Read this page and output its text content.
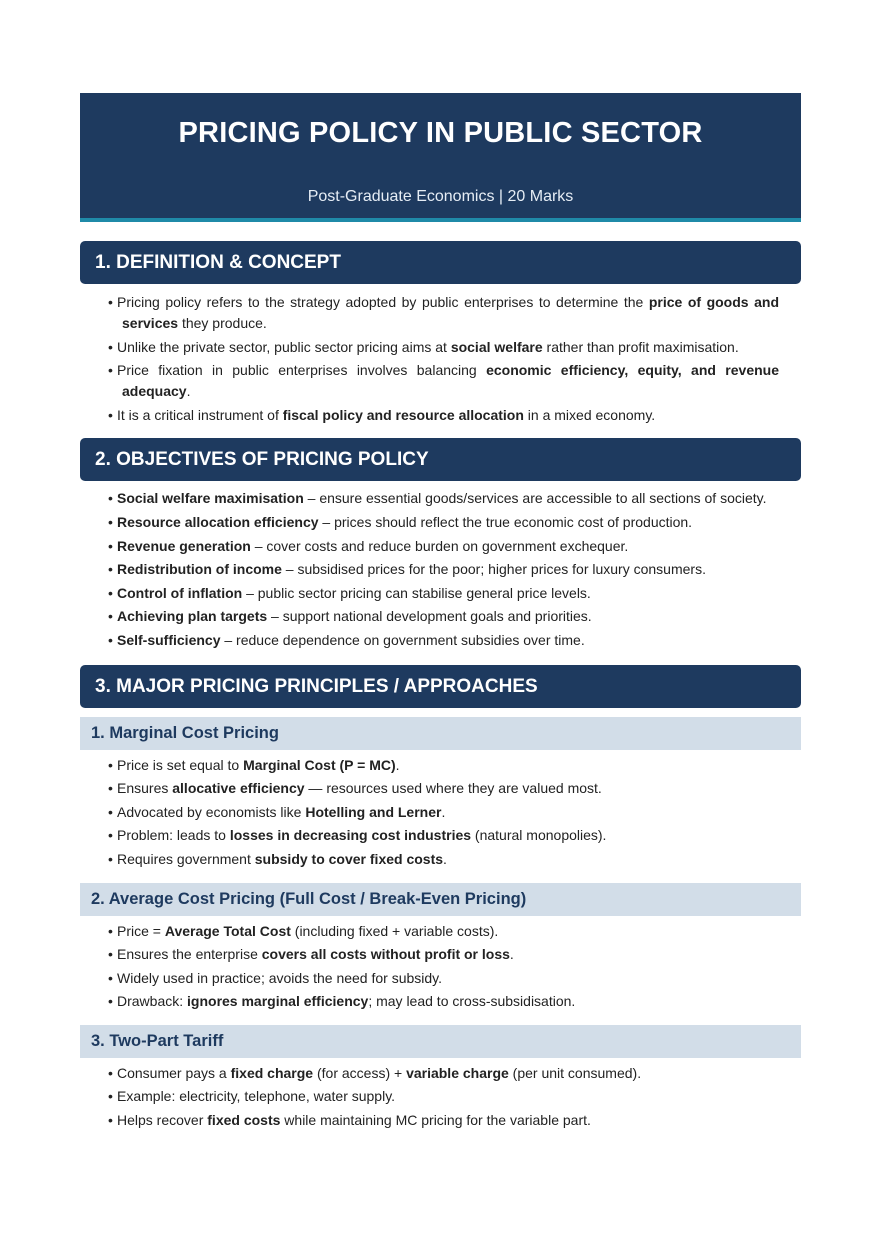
PRICING POLICY IN PUBLIC SECTOR
Post-Graduate Economics | 20 Marks
1. DEFINITION & CONCEPT
• Pricing policy refers to the strategy adopted by public enterprises to determine the price of goods and services they produce.
• Unlike the private sector, public sector pricing aims at social welfare rather than profit maximisation.
• Price fixation in public enterprises involves balancing economic efficiency, equity, and revenue adequacy.
• It is a critical instrument of fiscal policy and resource allocation in a mixed economy.
2. OBJECTIVES OF PRICING POLICY
• Social welfare maximisation – ensure essential goods/services are accessible to all sections of society.
• Resource allocation efficiency – prices should reflect the true economic cost of production.
• Revenue generation – cover costs and reduce burden on government exchequer.
• Redistribution of income – subsidised prices for the poor; higher prices for luxury consumers.
• Control of inflation – public sector pricing can stabilise general price levels.
• Achieving plan targets – support national development goals and priorities.
• Self-sufficiency – reduce dependence on government subsidies over time.
3. MAJOR PRICING PRINCIPLES / APPROACHES
1. Marginal Cost Pricing
• Price is set equal to Marginal Cost (P = MC).
• Ensures allocative efficiency — resources used where they are valued most.
• Advocated by economists like Hotelling and Lerner.
• Problem: leads to losses in decreasing cost industries (natural monopolies).
• Requires government subsidy to cover fixed costs.
2. Average Cost Pricing (Full Cost / Break-Even Pricing)
• Price = Average Total Cost (including fixed + variable costs).
• Ensures the enterprise covers all costs without profit or loss.
• Widely used in practice; avoids the need for subsidy.
• Drawback: ignores marginal efficiency; may lead to cross-subsidisation.
3. Two-Part Tariff
• Consumer pays a fixed charge (for access) + variable charge (per unit consumed).
• Example: electricity, telephone, water supply.
• Helps recover fixed costs while maintaining MC pricing for the variable part.
